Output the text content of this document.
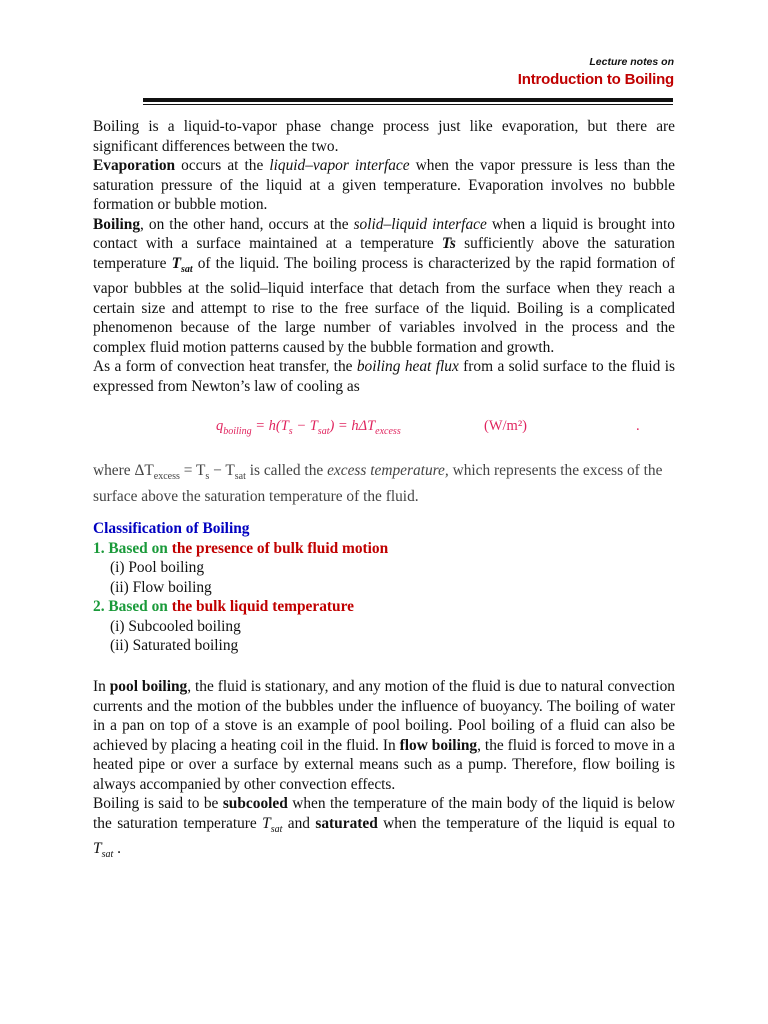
Lecture notes on
Introduction to Boiling

Boiling is a liquid-to-vapor phase change process just like evaporation, but there are significant differences between the two.

Evaporation occurs at the liquid–vapor interface when the vapor pressure is less than the saturation pressure of the liquid at a given temperature. Evaporation involves no bubble formation or bubble motion.

Boiling, on the other hand, occurs at the solid–liquid interface when a liquid is brought into contact with a surface maintained at a temperature Ts sufficiently above the saturation temperature $T_{sat}$ of the liquid. The boiling process is characterized by the rapid formation of vapor bubbles at the solid–liquid interface that detach from the surface when they reach a certain size and attempt to rise to the free surface of the liquid. Boiling is a complicated phenomenon because of the large number of variables involved in the process and the complex fluid motion patterns caused by the bubble formation and growth.

As a form of convection heat transfer, the boiling heat flux from a solid surface to the fluid is expressed from Newton’s law of cooling as

$q_{boiling} = h(T_s - T_{sat}) = h\Delta T_{excess}$	(W/m²)	.

where $\Delta T_{excess} = T_s - T_{sat}$ is called the excess temperature, which represents the excess of the surface above the saturation temperature of the fluid.

Classification of Boiling
1. Based on the presence of bulk fluid motion
(i) Pool boiling
(ii) Flow boiling
2. Based on the bulk liquid temperature
(i) Subcooled boiling
(ii) Saturated boiling

In pool boiling, the fluid is stationary, and any motion of the fluid is due to natural convection currents and the motion of the bubbles under the influence of buoyancy. The boiling of water in a pan on top of a stove is an example of pool boiling. Pool boiling of a fluid can also be achieved by placing a heating coil in the fluid. In flow boiling, the fluid is forced to move in a heated pipe or over a surface by external means such as a pump. Therefore, flow boiling is always accompanied by other convection effects.

Boiling is said to be subcooled when the temperature of the main body of the liquid is below the saturation temperature $T_{sat}$ and saturated when the temperature of the liquid is equal to $T_{sat}$ .
